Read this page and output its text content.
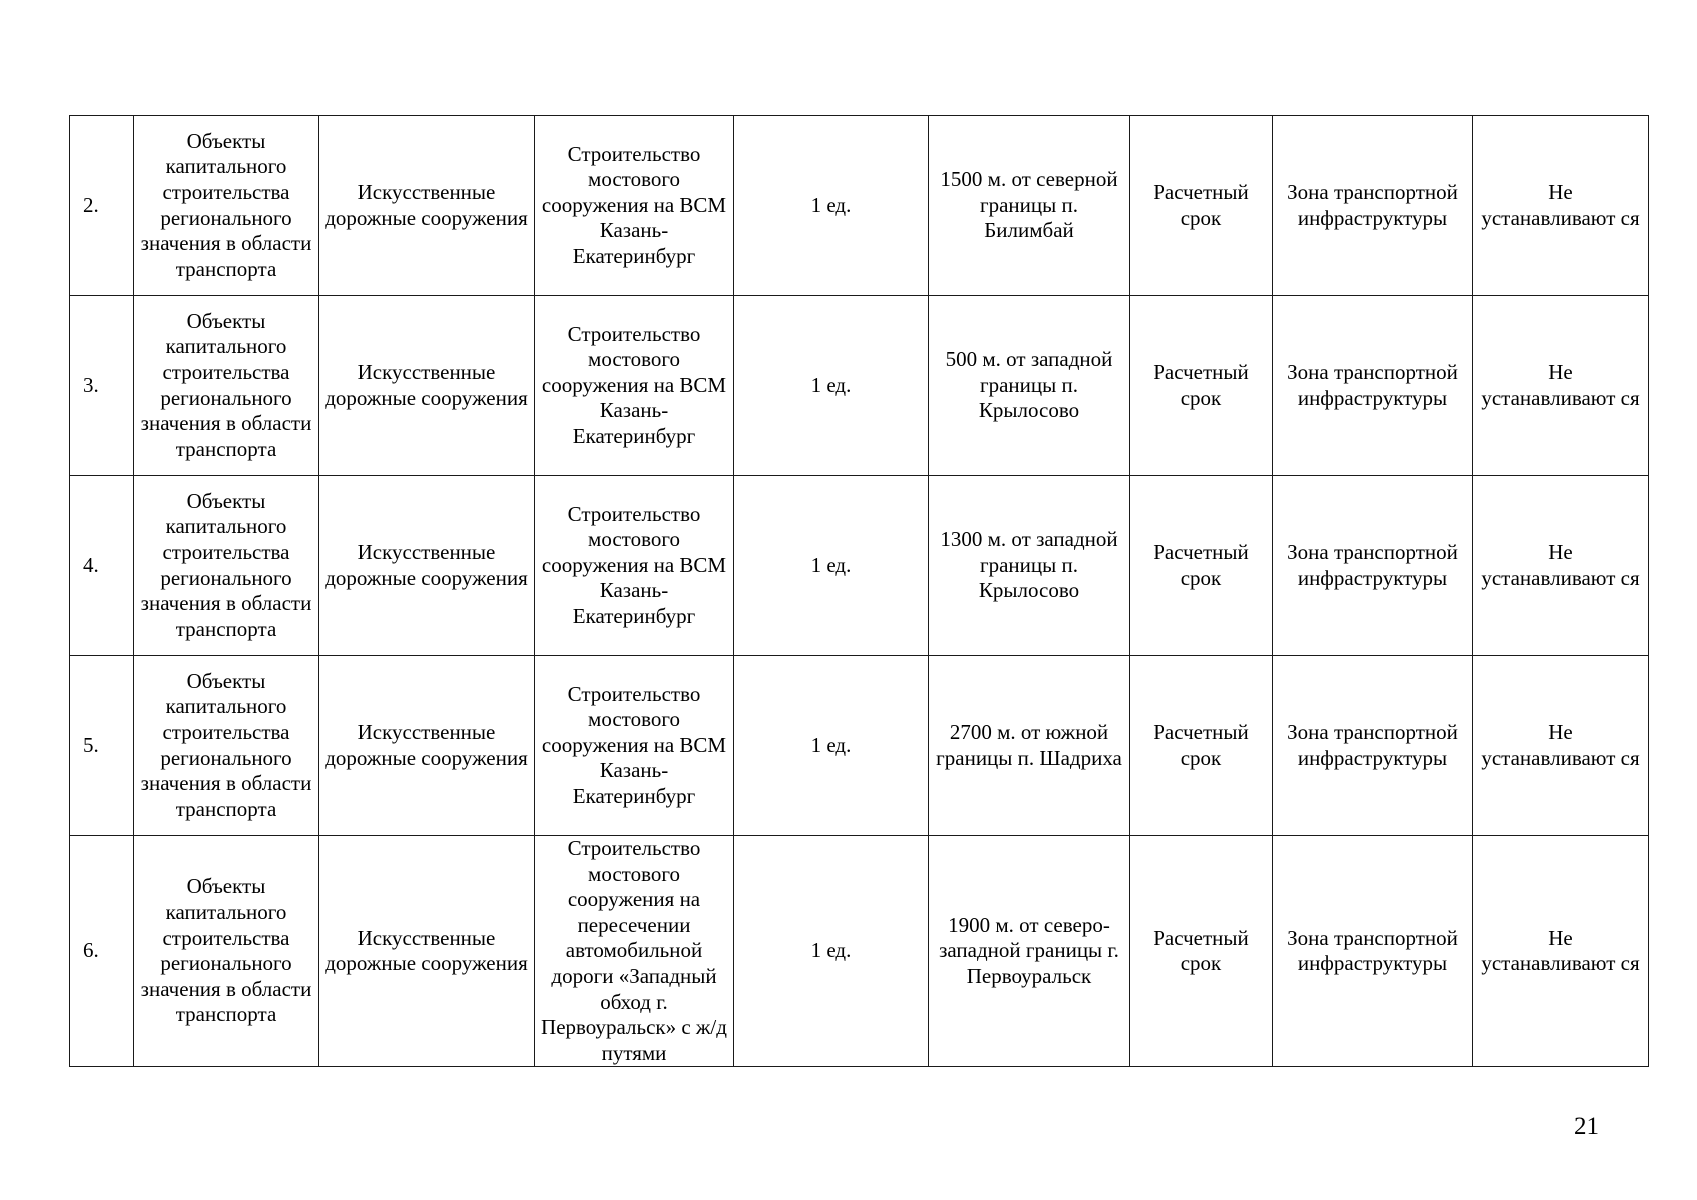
2.	Объекты капитального строительства регионального значения в области транспорта	Искусственные дорожные сооружения	Строительство мостового сооружения на ВСМ Казань-Екатеринбург	1 ед.	1500 м. от северной границы п. Билимбай	Расчетный срок	Зона транспортной инфраструктуры	Не устанавливают ся
3.	Объекты капитального строительства регионального значения в области транспорта	Искусственные дорожные сооружения	Строительство мостового сооружения на ВСМ Казань-Екатеринбург	1 ед.	500 м. от западной границы п. Крылосово	Расчетный срок	Зона транспортной инфраструктуры	Не устанавливают ся
4.	Объекты капитального строительства регионального значения в области транспорта	Искусственные дорожные сооружения	Строительство мостового сооружения на ВСМ Казань-Екатеринбург	1 ед.	1300 м. от западной границы п. Крылосово	Расчетный срок	Зона транспортной инфраструктуры	Не устанавливают ся
5.	Объекты капитального строительства регионального значения в области транспорта	Искусственные дорожные сооружения	Строительство мостового сооружения на ВСМ Казань-Екатеринбург	1 ед.	2700 м. от южной границы п. Шадриха	Расчетный срок	Зона транспортной инфраструктуры	Не устанавливают ся
6.	Объекты капитального строительства регионального значения в области транспорта	Искусственные дорожные сооружения	Строительство мостового сооружения на пересечении автомобильной дороги «Западный обход г. Первоуральск» с ж/д путями	1 ед.	1900 м. от северо-западной границы г. Первоуральск	Расчетный срок	Зона транспортной инфраструктуры	Не устанавливают ся
21
